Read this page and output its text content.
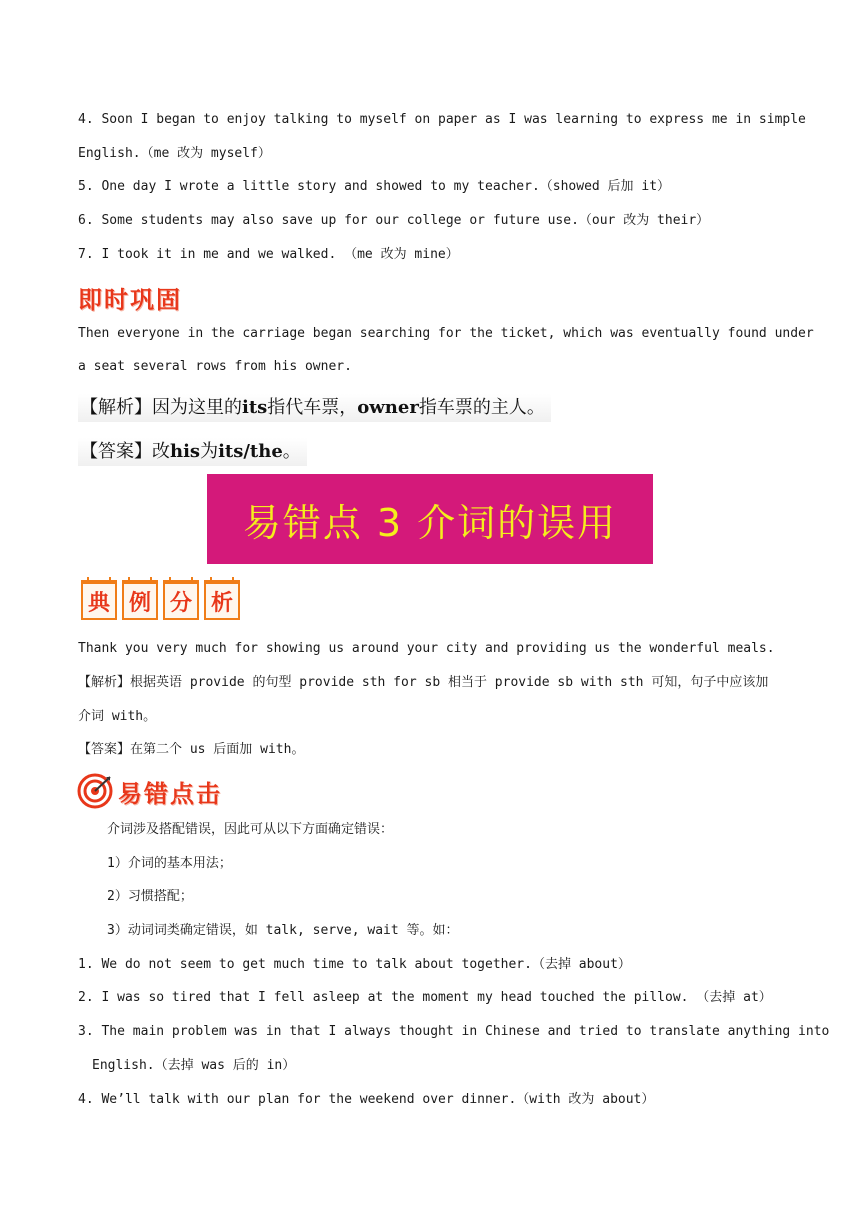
4. Soon I began to enjoy talking to myself on paper as I was learning to express me in simple
English.（me 改为 myself）
5. One day I wrote a little story and showed to my teacher.（showed 后加 it）
6. Some students may also save up for our college or future use.（our 改为 their）
7. I took it in me and we walked. （me 改为 mine）
即时巩固
Then everyone in the carriage began searching for the ticket, which was eventually found under
a seat several rows from his owner.
【解析】因为这里的its指代车票，owner指车票的主人。
【答案】改his为its/the。
易错点 3 介词的误用
典 例 分 析
Thank you very much for showing us around your city and providing us the wonderful meals.
【解析】根据英语 provide 的句型 provide sth for sb 相当于 provide sb with sth 可知，句子中应该加
介词 with。
【答案】在第二个 us 后面加 with。
易错点击
介词涉及搭配错误，因此可从以下方面确定错误：
1）介词的基本用法；
2）习惯搭配；
3）动词词类确定错误，如 talk, serve, wait 等。如：
1. We do not seem to get much time to talk about together.（去掉 about）
2. I was so tired that I fell asleep at the moment my head touched the pillow. （去掉 at）
3. The main problem was in that I always thought in Chinese and tried to translate anything into
English.（去掉 was 后的 in）
4. We’ll talk with our plan for the weekend over dinner.（with 改为 about）
